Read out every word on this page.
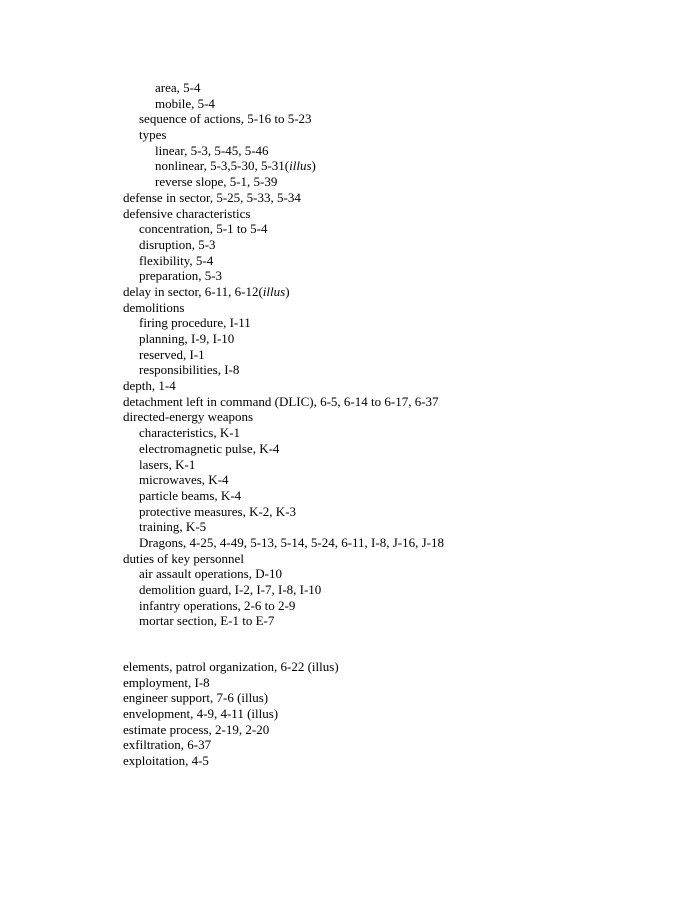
area, 5-4
mobile, 5-4
sequence of actions, 5-16 to 5-23
types
linear, 5-3, 5-45, 5-46
nonlinear, 5-3,5-30, 5-31(illus)
reverse slope, 5-1, 5-39
defense in sector, 5-25, 5-33, 5-34
defensive characteristics
concentration, 5-1 to 5-4
disruption, 5-3
flexibility, 5-4
preparation, 5-3
delay in sector, 6-11, 6-12(illus)
demolitions
firing procedure, I-11
planning, I-9, I-10
reserved, I-1
responsibilities, I-8
depth, 1-4
detachment left in command (DLIC), 6-5, 6-14 to 6-17, 6-37
directed-energy weapons
characteristics, K-1
electromagnetic pulse, K-4
lasers, K-1
microwaves, K-4
particle beams, K-4
protective measures, K-2, K-3
training, K-5
Dragons, 4-25, 4-49, 5-13, 5-14, 5-24, 6-11, I-8, J-16, J-18
duties of key personnel
air assault operations, D-10
demolition guard, I-2, I-7, I-8, I-10
infantry operations, 2-6 to 2-9
mortar section, E-1 to E-7
elements, patrol organization, 6-22 (illus)
employment, I-8
engineer support, 7-6 (illus)
envelopment, 4-9, 4-11 (illus)
estimate process, 2-19, 2-20
exfiltration, 6-37
exploitation, 4-5
